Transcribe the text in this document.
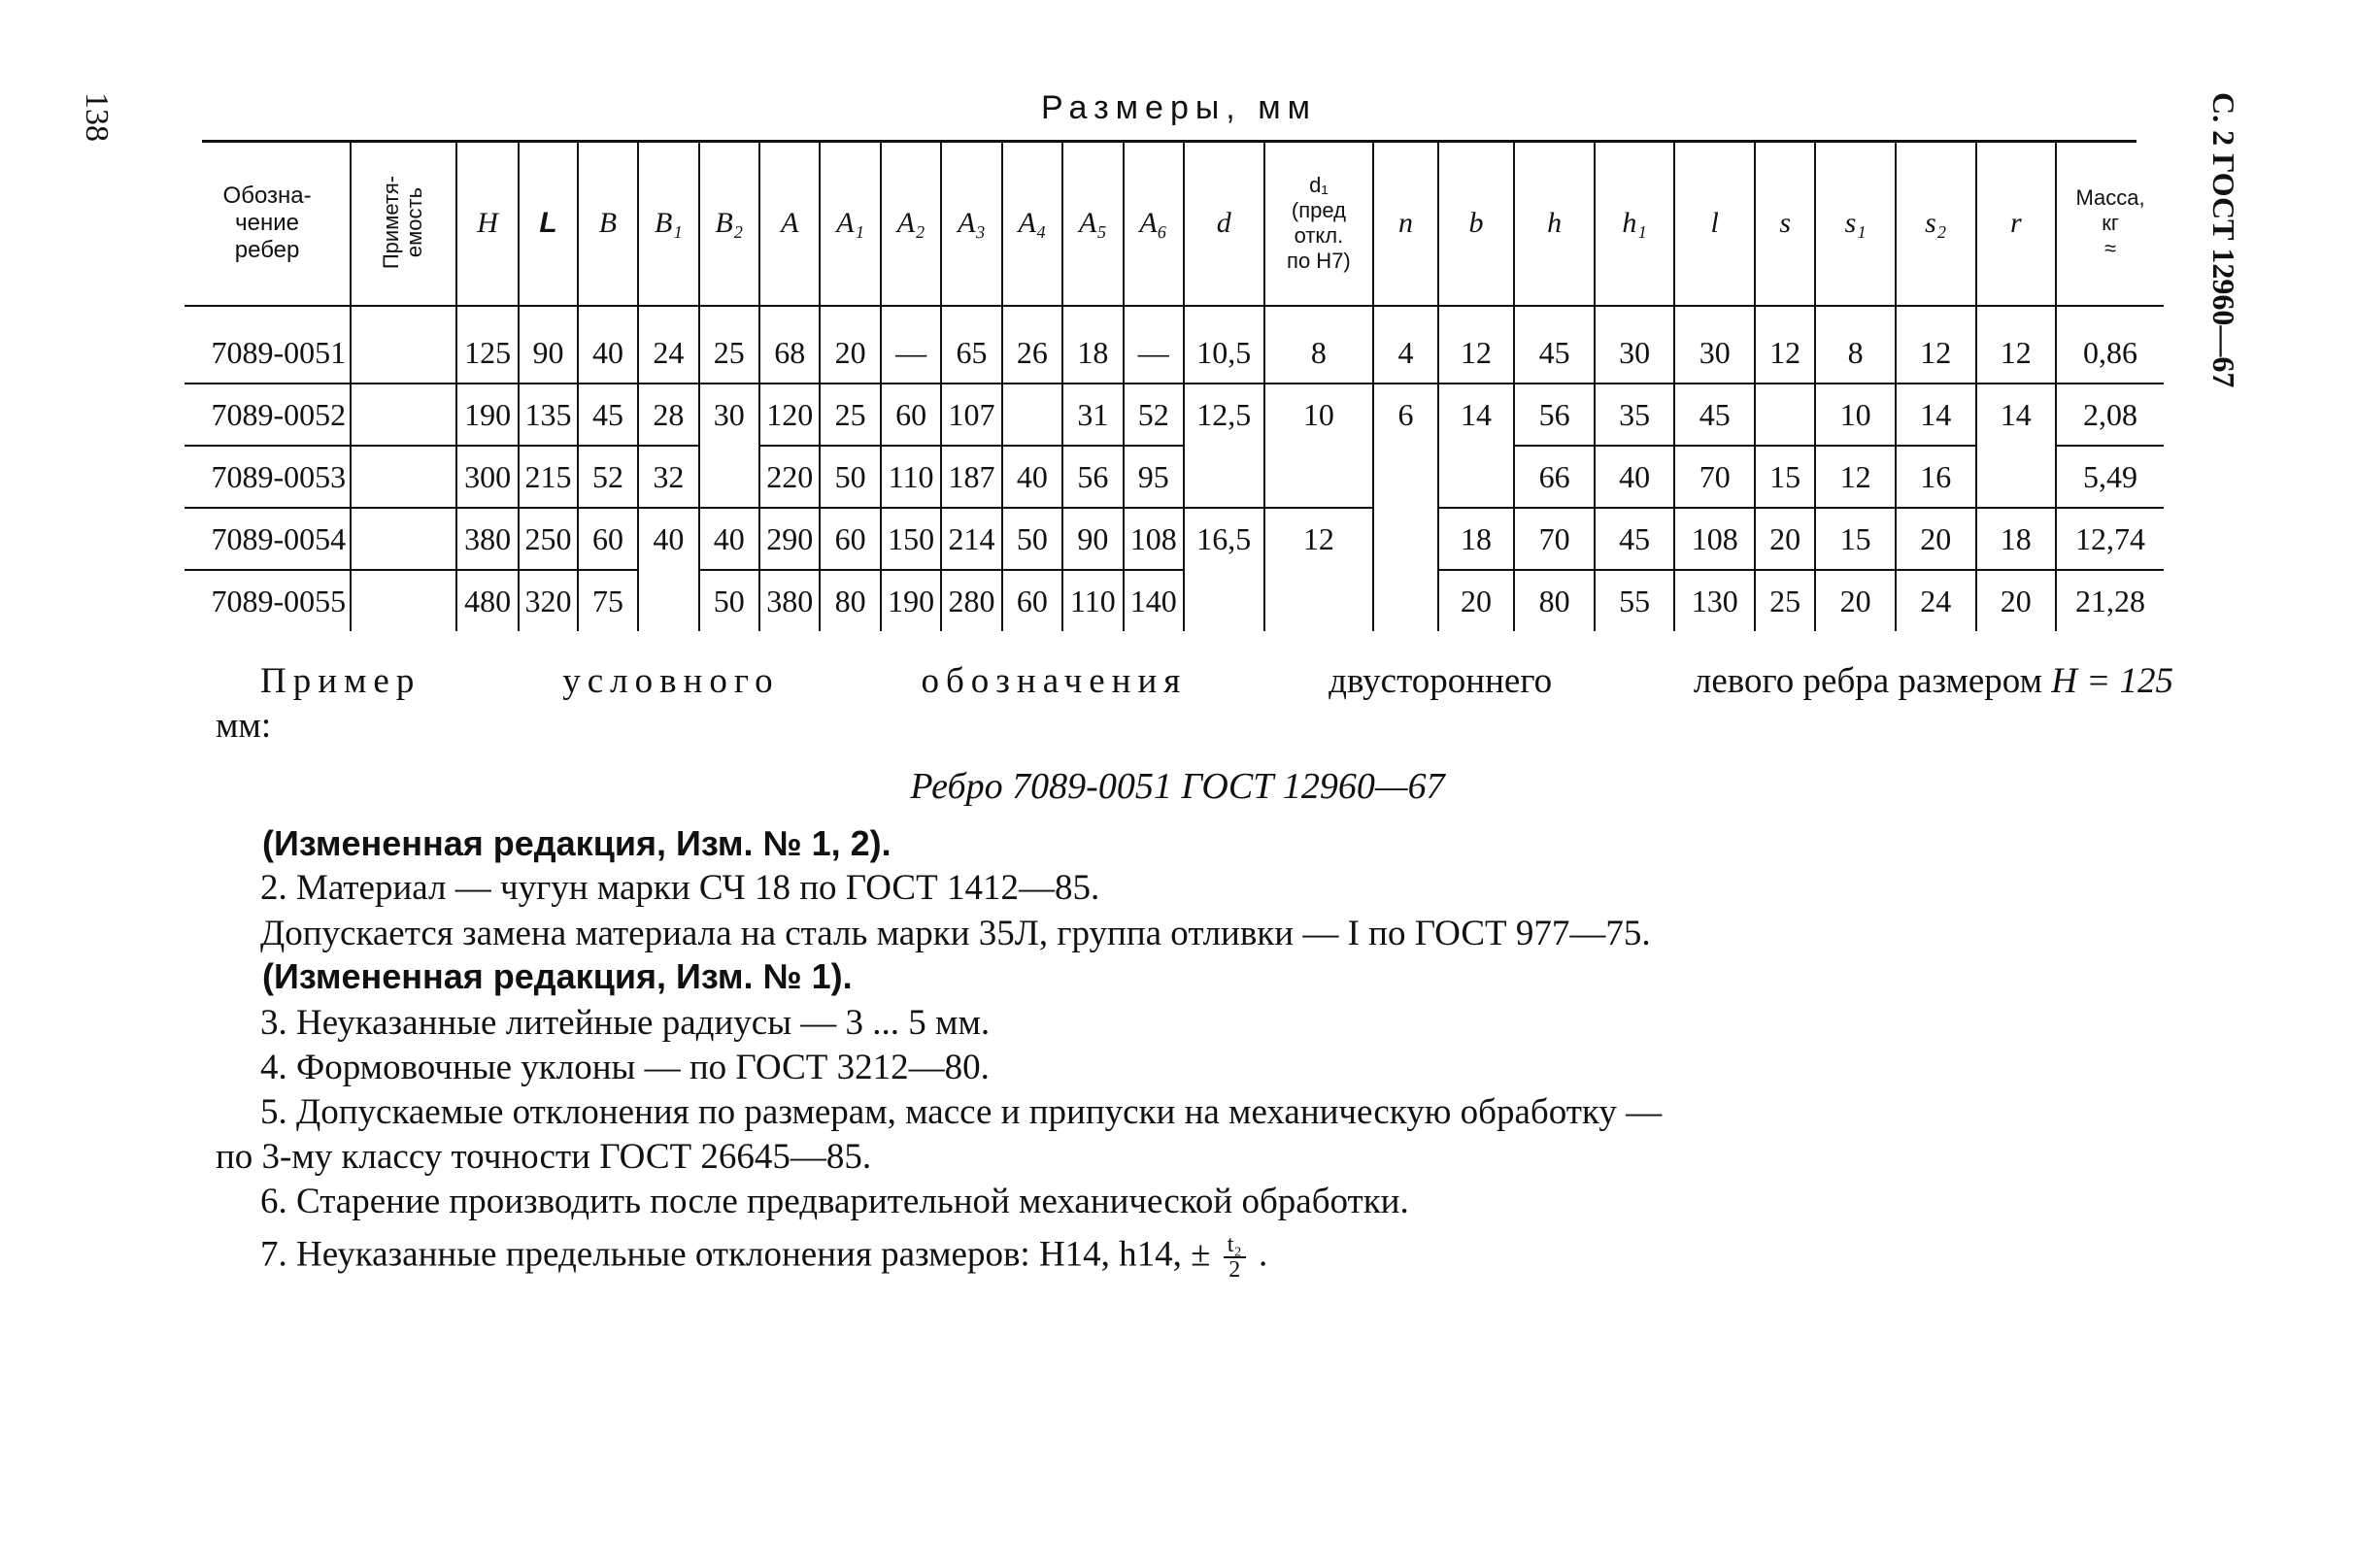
138	С. 2 ГОСТ 12960—67
Размеры, мм
Обозна-
чение
ребер	Приметя-
емость	H	L	B	B₁	B₂	A	A₁	A₂	A₃	A₄	A₅	A₆	d	d₁
(пред
откл.
по H7)	n	b	h	h₁	l	s	s₁	s₂	r	Масса,
кг
≈

7089-0051		125	90	40	24	25	68	20	—	65	26	18	—	10,5	8	4	12	45	30	30	12	8	12	12	0,86
7089-0052		190	135	45	28	30	120	25	60	107		31	52	12,5	10	6	14	56	35	45		10	14	14	2,08
7089-0053		300	215	52	32		220	50	110	187	40	56	95					66	40	70	15	12	16		5,49
7089-0054		380	250	60	40	40	290	60	150	214	50	90	108	16,5	12		18	70	45	108	20	15	20	18	12,74
7089-0055		480	320	75		50	380	80	190	280	60	110	140				20	80	55	130	25	20	24	20	21,28
Пример	условного	обозначения	двустороннего	левого ребра размером H = 125
мм:
Ребро 7089-0051 ГОСТ 12960—67
(Измененная редакция, Изм. № 1, 2).
2. Материал — чугун марки СЧ 18 по ГОСТ 1412—85.
Допускается замена материала на сталь марки 35Л, группа отливки — I по ГОСТ 977—75.
(Измененная редакция, Изм. № 1).
3. Неуказанные литейные радиусы — 3 ... 5 мм.
4. Формовочные уклоны — по ГОСТ 3212—80.
5. Допускаемые отклонения по размерам, массе и припуски на механическую обработку —
по 3-му классу точности ГОСТ 26645—85.
6. Старение производить после предварительной механической обработки.
7. Неуказанные предельные отклонения размеров: H14, h14, ± $\frac{\text{t₂}}{2}$ .
